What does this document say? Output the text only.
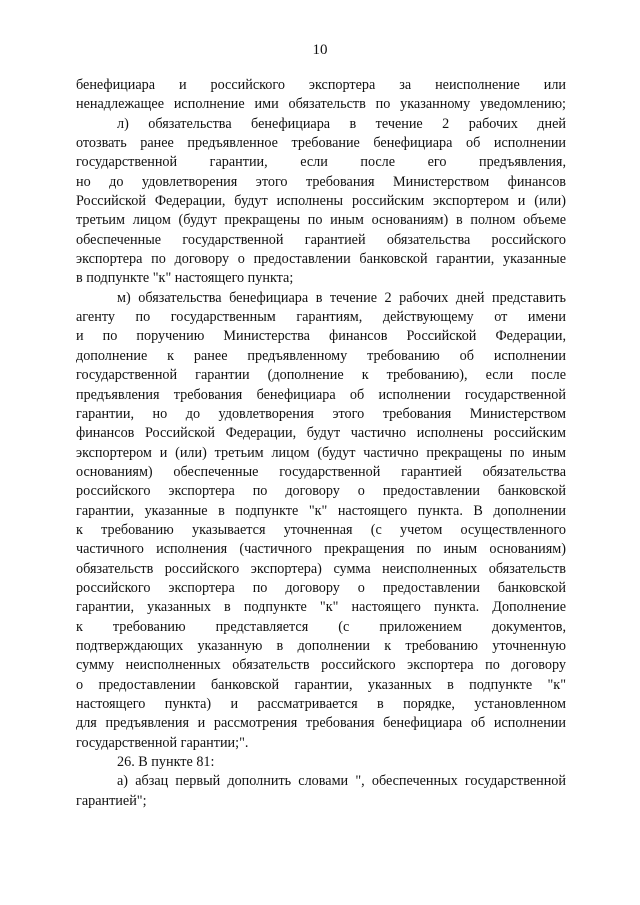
10
бенефициара и российского экспортера за неисполнение или
ненадлежащее исполнение ими обязательств по указанному уведомлению;
л) обязательства бенефициара в течение 2 рабочих дней
отозвать ранее предъявленное требование бенефициара об исполнении
государственной гарантии, если после его предъявления,
но до удовлетворения этого требования Министерством финансов
Российской Федерации, будут исполнены российским экспортером и (или)
третьим лицом (будут прекращены по иным основаниям) в полном объеме
обеспеченные государственной гарантией обязательства российского
экспортера по договору о предоставлении банковской гарантии, указанные
в подпункте "к" настоящего пункта;
м) обязательства бенефициара в течение 2 рабочих дней представить
агенту по государственным гарантиям, действующему от имени
и по поручению Министерства финансов Российской Федерации,
дополнение к ранее предъявленному требованию об исполнении
государственной гарантии (дополнение к требованию), если после
предъявления требования бенефициара об исполнении государственной
гарантии, но до удовлетворения этого требования Министерством
финансов Российской Федерации, будут частично исполнены российским
экспортером и (или) третьим лицом (будут частично прекращены по иным
основаниям) обеспеченные государственной гарантией обязательства
российского экспортера по договору о предоставлении банковской
гарантии, указанные в подпункте "к" настоящего пункта. В дополнении
к требованию указывается уточненная (с учетом осуществленного
частичного исполнения (частичного прекращения по иным основаниям)
обязательств российского экспортера) сумма неисполненных обязательств
российского экспортера по договору о предоставлении банковской
гарантии, указанных в подпункте "к" настоящего пункта. Дополнение
к требованию представляется (с приложением документов,
подтверждающих указанную в дополнении к требованию уточненную
сумму неисполненных обязательств российского экспортера по договору
о предоставлении банковской гарантии, указанных в подпункте "к"
настоящего пункта) и рассматривается в порядке, установленном
для предъявления и рассмотрения требования бенефициара об исполнении
государственной гарантии;".
26. В пункте 81:
а) абзац первый дополнить словами ", обеспеченных государственной
гарантией";
